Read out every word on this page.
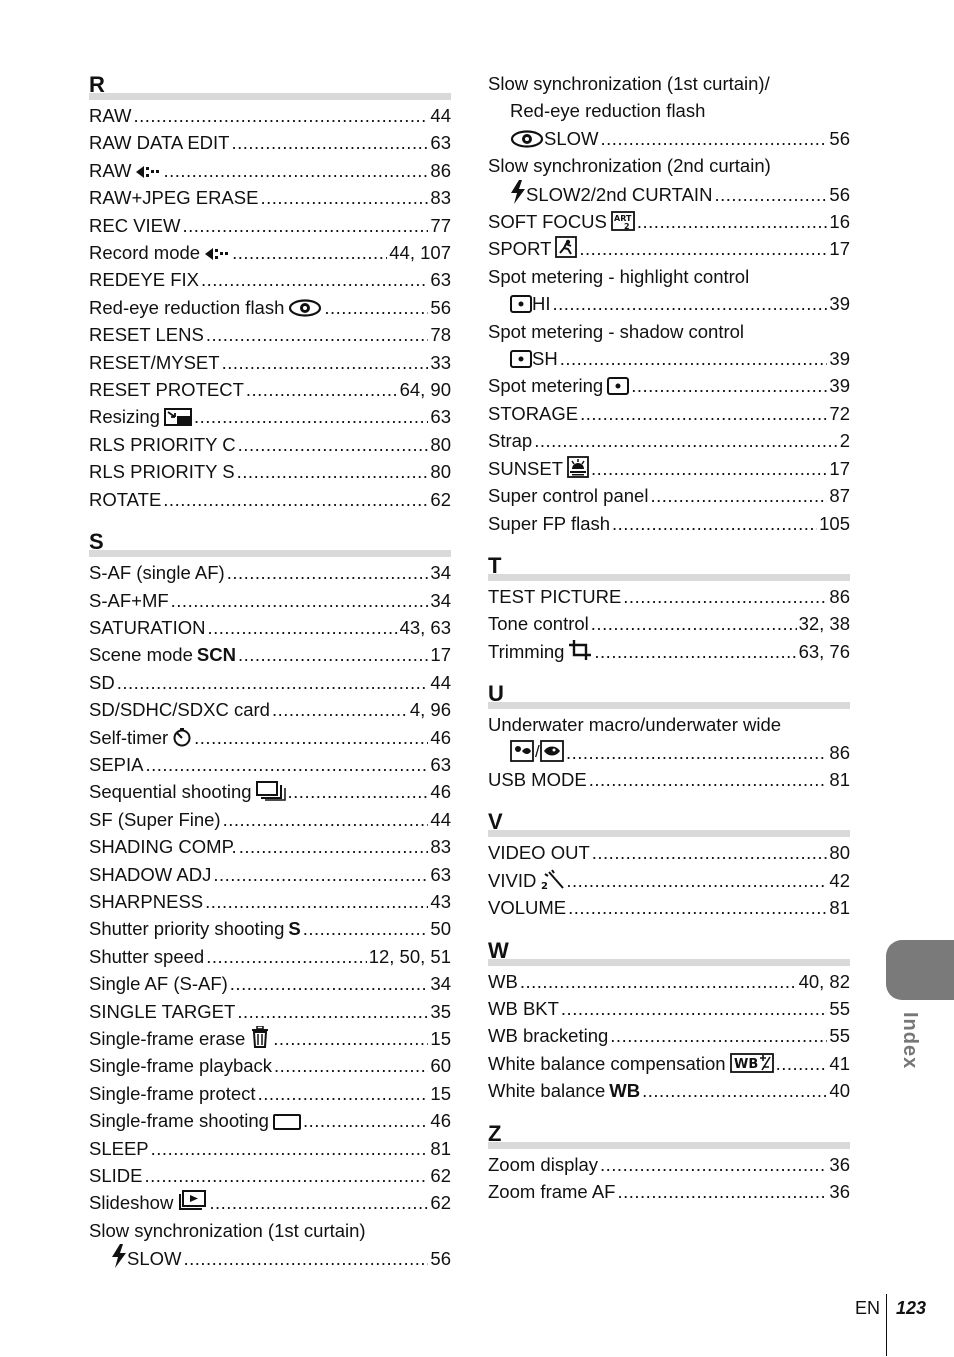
R
RAW .....	44
RAW DATA EDIT .....	63
RAW .....	86
RAW+JPEG ERASE .....	83
REC VIEW .....	77
Record mode .....	44, 107
REDEYE FIX .....	63
Red-eye reduction flash .....	56
RESET LENS .....	78
RESET/MYSET .....	33
RESET PROTECT .....	64, 90
Resizing .....	63
RLS PRIORITY C .....	80
RLS PRIORITY S .....	80
ROTATE .....	62
S
S-AF (single AF) .....	34
S-AF+MF .....	34
SATURATION .....	43, 63
Scene mode SCN .....	17
SD .....	44
SD/SDHC/SDXC card .....	4, 96
Self-timer .....	46
SEPIA .....	63
Sequential shooting .....	46
SF (Super Fine) .....	44
SHADING COMP. .....	83
SHADOW ADJ .....	63
SHARPNESS .....	43
Shutter priority shooting S .....	50
Shutter speed .....	12, 50, 51
Single AF (S-AF) .....	34
SINGLE TARGET .....	35
Single-frame erase .....	15
Single-frame playback .....	60
Single-frame protect .....	15
Single-frame shooting .....	46
SLEEP .....	81
SLIDE .....	62
Slideshow .....	62
Slow synchronization (1st curtain)
SLOW .....	56
Slow synchronization (1st curtain)/
Red-eye reduction flash
SLOW .....	56
Slow synchronization (2nd curtain)
SLOW2/2nd CURTAIN .....	56
SOFT FOCUS ART
2 .....	16
SPORT .....	17
Spot metering - highlight control
HI .....	39
Spot metering - shadow control
SH .....	39
Spot metering .....	39
STORAGE .....	72
Strap .....	2
SUNSET .....	17
Super control panel .....	87
Super FP flash .....	105
T
TEST PICTURE .....	86
Tone control .....	32, 38
Trimming .....	63, 76
U
Underwater macro/underwater wide
/ .....	86
USB MODE .....	81
V
VIDEO OUT .....	80
VIVID 2 .....	42
VOLUME .....	81
W
WB .....	40, 82
WB BKT .....	55
WB bracketing .....	55
White balance compensation WB .....	41
White balance WB .....	40
Z
Zoom display .....	36
Zoom frame AF .....	36
Index
EN 123
